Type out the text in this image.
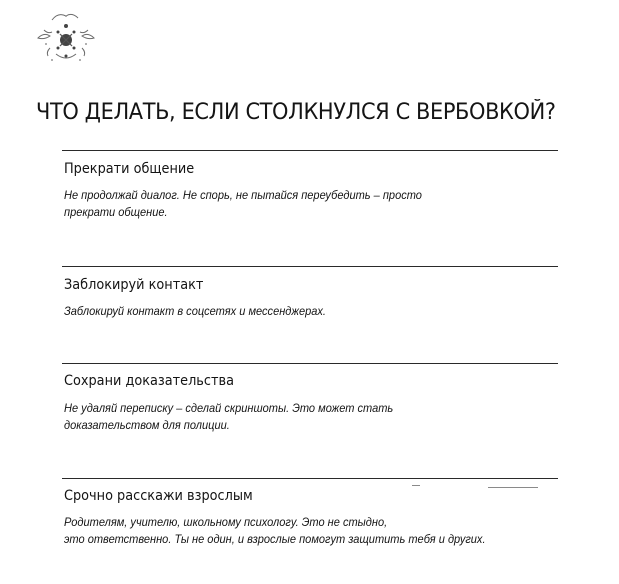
ЧТО ДЕЛАТЬ, ЕСЛИ СТОЛКНУЛСЯ С ВЕРБОВКОЙ?
Прекрати общение

Не продолжай диалог. Не спорь, не пытайся переубедить – просто
прекрати общение.

Заблокируй контакт

Заблокируй контакт в соцсетях и мессенджерах.

Сохрани доказательства

Не удаляй переписку – сделай скриншоты. Это может стать
доказательством для полиции.

Срочно расскажи взрослым

Родителям, учителю, школьному психологу. Это не стыдно,
это ответственно. Ты не один, и взрослые помогут защитить тебя и других.
